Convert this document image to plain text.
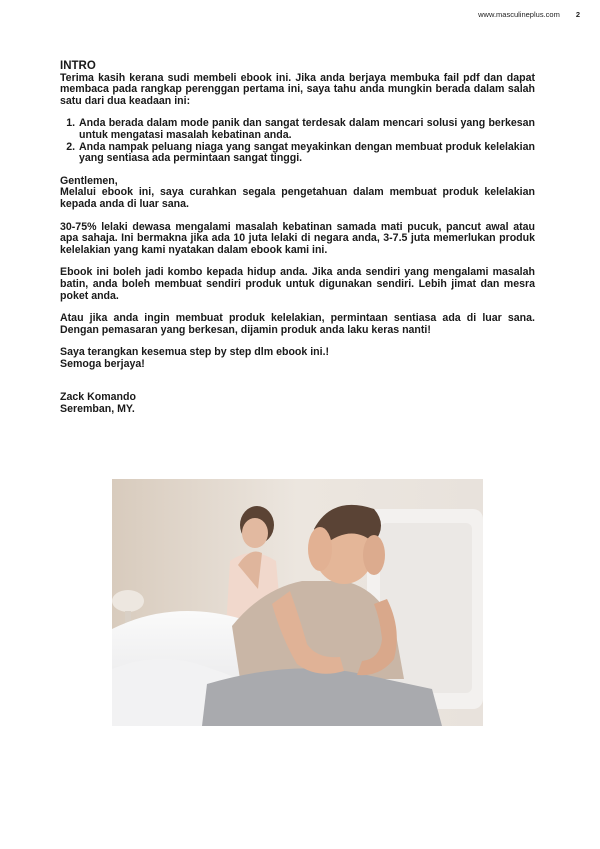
www.masculineplus.com 2

INTRO

Terima kasih kerana sudi membeli ebook ini. Jika anda berjaya membuka fail pdf dan dapat membaca pada rangkap perenggan pertama ini, saya tahu anda mungkin berada dalam salah satu dari dua keadaan ini:

1. Anda berada dalam mode panik dan sangat terdesak dalam mencari solusi yang berkesan untuk mengatasi masalah kebatinan anda.
2. Anda nampak peluang niaga yang sangat meyakinkan dengan membuat produk kelelakian yang sentiasa ada permintaan sangat tinggi.

Gentlemen,

Melalui ebook ini, saya curahkan segala pengetahuan dalam membuat produk kelelakian kepada anda di luar sana.

30-75% lelaki dewasa mengalami masalah kebatinan samada mati pucuk, pancut awal atau apa sahaja. Ini bermakna jika ada 10 juta lelaki di negara anda, 3-7.5 juta memerlukan produk kelelakian yang kami nyatakan dalam ebook kami ini.

Ebook ini boleh jadi kombo kepada hidup anda. Jika anda sendiri yang mengalami masalah batin, anda boleh membuat sendiri produk untuk digunakan sendiri. Lebih jimat dan mesra poket anda.

Atau jika anda ingin membuat produk kelelakian, permintaan sentiasa ada di luar sana. Dengan pemasaran yang berkesan, dijamin produk anda laku keras nanti!

Saya terangkan kesemua step by step dlm ebook ini.!

Semoga berjaya!

Zack Komando

Seremban, MY.
